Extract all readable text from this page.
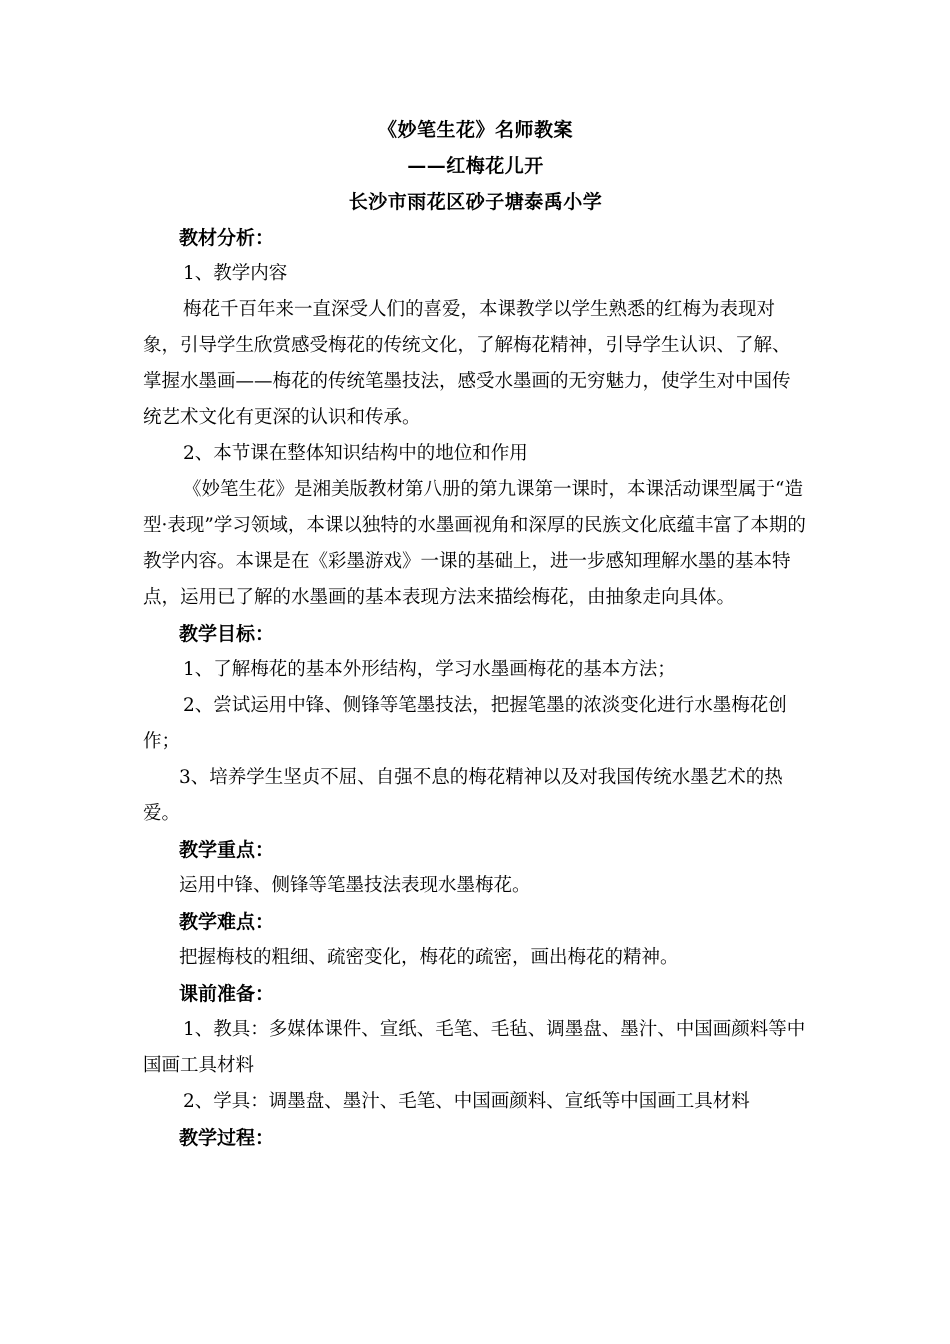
《妙笔生花》名师教案
——红梅花儿开
长沙市雨花区砂子塘泰禹小学
教材分析：

1、教学内容

梅花千百年来一直深受人们的喜爱，本课教学以学生熟悉的红梅为表现对象，引导学生欣赏感受梅花的传统文化，了解梅花精神，引导学生认识、了解、掌握水墨画——梅花的传统笔墨技法，感受水墨画的无穷魅力，使学生对中国传统艺术文化有更深的认识和传承。

2、本节课在整体知识结构中的地位和作用

《妙笔生花》是湘美版教材第八册的第九课第一课时，本课活动课型属于“造型·表现”学习领域，本课以独特的水墨画视角和深厚的民族文化底蕴丰富了本期的教学内容。本课是在《彩墨游戏》一课的基础上，进一步感知理解水墨的基本特点，运用已了解的水墨画的基本表现方法来描绘梅花，由抽象走向具体。

教学目标：

1、了解梅花的基本外形结构，学习水墨画梅花的基本方法；

2、尝试运用中锋、侧锋等笔墨技法，把握笔墨的浓淡变化进行水墨梅花创作；

3、培养学生坚贞不屈、自强不息的梅花精神以及对我国传统水墨艺术的热爱。

教学重点：

运用中锋、侧锋等笔墨技法表现水墨梅花。

教学难点：

把握梅枝的粗细、疏密变化，梅花的疏密，画出梅花的精神。

课前准备：

1、教具：多媒体课件、宣纸、毛笔、毛毡、调墨盘、墨汁、中国画颜料等中国画工具材料

2、学具：调墨盘、墨汁、毛笔、中国画颜料、宣纸等中国画工具材料

教学过程：
